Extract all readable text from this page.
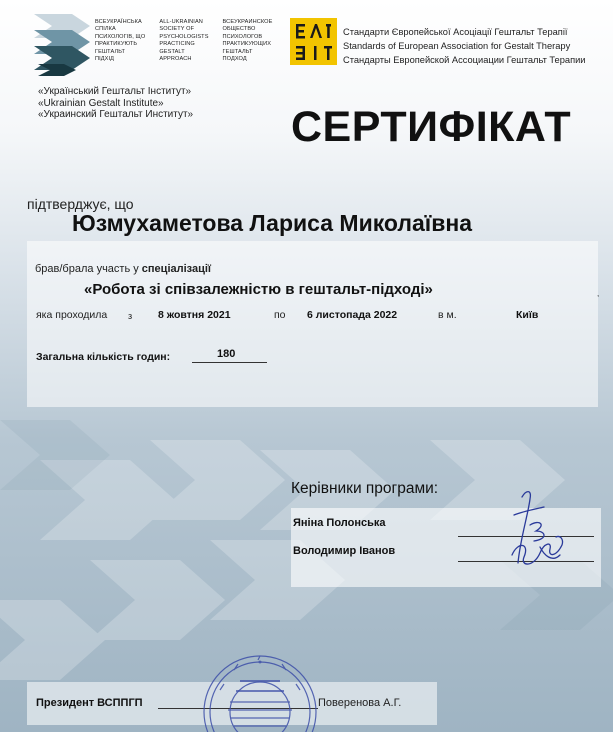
ВСЕУКРАЇНСЬКА
СПІЛКА
ПСИХОЛОГІВ, ЩО
ПРАКТИКУЮТЬ
ГЕШТАЛЬТ
ПІДХІД
ALL-UKRAINIAN
SOCIETY OF
PSYCHOLOGISTS
PRACTICING
GESTALT
APPROACH
ВСЕУКРАИНСКОЕ
ОБЩЕСТВО
ПСИХОЛОГОВ
ПРАКТИКУЮЩИХ
ГЕШТАЛЬТ
ПОДХОД
«Український Гештальт Інститут»
«Ukrainian Gestalt Institute»
«Украинский Гештальт Институт»
Стандарти Європейської Асоціації Гештальт Терапії
Standards of European Association for Gestalt Therapy
Стандарты Европейской Ассоциации Гештальт Терапии
СЕРТИФІКАТ
підтверджує, що
Юзмухаметова Лариса Миколаївна
брав/брала участь у спеціалізації
«Робота зі співзалежністю в гештальт-підході»	,
яка проходила з 8 жовтня 2021	по 6 листопада 2022	в м.	Київ
Загальна кількість годин:	180
Керівники програми:
Яніна Полонська
Володимир Іванов
Президент ВСППГП	Поверeнова А.Г.
